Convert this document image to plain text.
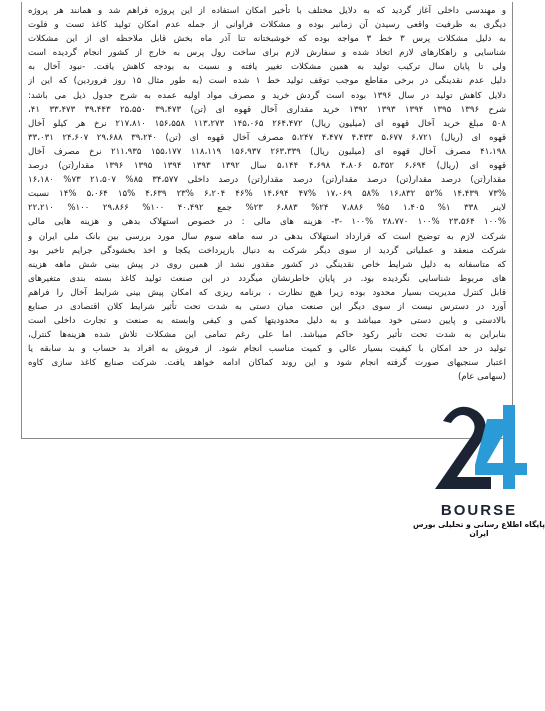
و مهندسی داخلی آغاز گردید که به دلایل مختلف با تأخیر امکان استفاده از این پروژه فراهم شد و همانند هر پروژه
دیگری به ظرفیت واقعی رسیدن آن زمانبر بوده و مشکلات فراوانی از جمله عدم امکان تولید کاغذ تست و فلوت
به دلیل مشکلات پرس ۳ خط ۳ مواجه بوده که خوشبختانه تنا آذر ماه بخش قابل ملاحظه ای از این مشکلات
شناسایی و راهکارهای لازم اتخاذ شده و سفارش لازم برای ساخت رول پرس به خارج از کشور انجام گردیده است
ولی تا پایان سال ترکیب تولید به همین مشکلات تغییر یافته و نسبت به بودجه کاهش یافت. -نبود آخال به
دلیل عدم نقدینگی در برخی مقاطع موجب توقف تولید خط ۱ شده است (به طور مثال ۱۵ روز فروردین) که این از
دلایل کاهش تولید در سال ۱۳۹۶ بوده است گردش خرید و مصرف مواد اولیه عمده به شرح جدول ذیل می باشد:
شرح ۱۳۹۶ ۱۳۹۵ ۱۳۹۴ ۱۳۹۳ ۱۳۹۲ خرید مقداری آخال قهوه ای (تن) ۳۹،۴۷۳ ۲۵،۵۵۰ ۳۹،۴۴۳ ۳۳،۴۷۳ ۴۱،
۵۰۸ مبلغ خرید آخال قهوه ای (میلیون ریال) ۲۶۴،۴۷۲ ۱۴۵،۰۶۵ ۱۱۳،۲۷۳ ۱۵۶،۵۵۸ ۲۱۷،۸۱۰ نرخ هر کیلو آخال
قهوه ای (ریال) ۶،۷۲۱ ۵،۶۷۷ ۴،۴۳۳ ۴،۴۷۷ ۵،۲۴۷ مصرف آخال قهوه ای (تن) ۳۹،۲۴۰ ۲۹،۶۸۸ ۲۴،۶۰۷ ۳۳،۰۳۱
۴۱،۱۹۸ مصرف آخال قهوه ای (میلیون ریال) ۲۶۳،۳۳۹ ۱۵۶،۹۳۷ ۱۱۸،۱۱۹ ۱۵۵،۱۷۷ ۲۱۱،۹۳۵ نرخ مصرف آخال
قهوه ای (ریال) ۶،۶۹۴ ۵،۳۵۲ ۴،۸۰۶ ۴،۶۹۸ ۵،۱۴۴ سال ۱۳۹۲ ۱۳۹۳ ۱۳۹۴ ۱۳۹۵ ۱۳۹۶ مقدار(تن) درصد
مقدار(تن) درصد مقدار(تن) درصد مقدار(تن) درصد مقدار(تن) درصد داخلی ۳۴،۵۷۷ ۸۵% ۲۱،۵۰۷ ۷۳% ۱۶،۱۸۰
۷۳% ۱۴،۴۳۹ ۵۲% ۱۶،۸۳۲ ۵۸% ۱۷،۰۶۹ ۴۷% ۱۴،۶۹۴ ۴۶% ۶،۲۰۴ ۲۳% ۴،۶۳۹ ۱۵% ۵،۰۶۴ ۱۴% نسبت
لاینر ۳۳۸ ۱% ۱،۴۰۵ ۵% ۷،۸۸۶ ۲۴% ۶،۸۸۳ ۲۳% جمع ۴۰،۴۹۲ ۱۰۰% ۲۹،۸۶۶ ۱۰۰% ۲۲،۲۱۰
۱۰۰% ۲۳،۵۶۴ ۱۰۰% ۲۸،۷۷۰ ۱۰۰% -۳- هزینه های مالی : در خصوص استهلاک بدهی و هزینه هایی مالی
شرکت لازم به توضیح است که قرارداد استهلاک بدهی در سه ماهه سوم سال مورد بررسی بین بانک ملی ایران و
شرکت منعقد و عملیاتی گردید از سوی دیگر شرکت به دنبال بازپرداخت یکجا و اخذ بخشودگی جرایم تاخیر بود
که متاسفانه به دلیل شرایط خاص نقدینگی در کشور مقدور نشد از همین روی در پیش بینی شش ماهه هزینه
های مربوط شناسایی نگردیده بود. در پایان خاطرنشان میگردد در این صنعت تولید کاغذ بسته بندی متغیرهای
قابل کنترل مدیریت بسیار محدود بوده زیرا هیچ نظارت ، برنامه ریزی که امکان پیش بینی شرایط آخال را فراهم
آورد در دسترس نیست از سوی دیگر این صنعت میان دستی به شدت تحت تأثیر شرایط کلان اقتصادی در صنایع
بالادستی و پایین دستی خود میباشد و به دلیل محدودیتها کمی و کیفی وابسته به صنعت و تجارت داخلی است
بنابراین به شدت تحت تأثیر رکود حاکم میباشد. اما علی رغم تمامی این مشکلات تلاش شده هزینه‌ها کنترل،
تولید در حد امکان با کیفیت بسیار عالی و کمیت مناسب انجام شود. از فروش به افراد بد حساب و بد سابقه یا
اعتبار سنجیهای صورت گرفته انجام شود و این روند کماکان ادامه خواهد یافت. شرکت صنایع کاغذ سازی کاوه
(سهامی عام)
BOURSE
پایگاه اطلاع رسانی و تحلیلی بورس ایران
